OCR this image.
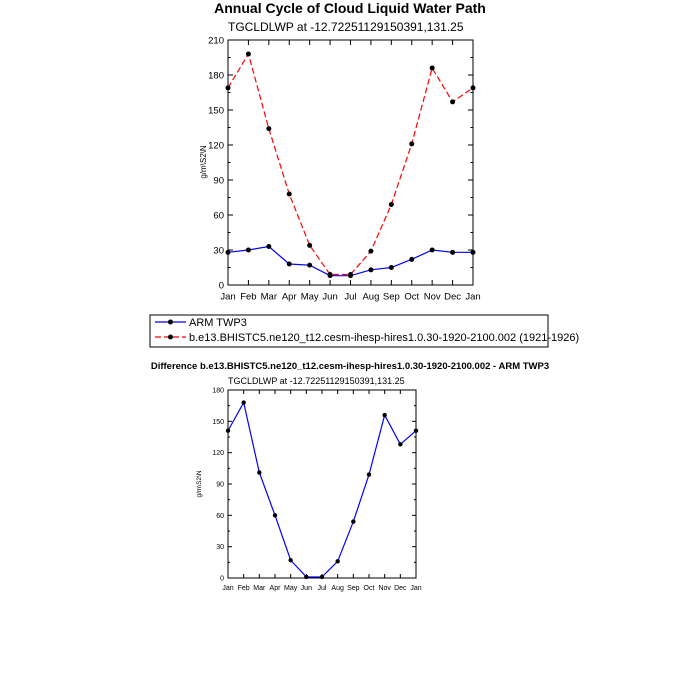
Annual Cycle of Cloud Liquid Water Path
TGCLDLWP at -12.72251129150391,131.25
g/m\S2\N
0
30
60
90
120
150
180
210
Jan Feb Mar Apr May Jun Jul Aug Sep Oct Nov Dec Jan
ARM TWP3
b.e13.BHISTC5.ne120_t12.cesm-ihesp-hires1.0.30-1920-2100.002 (1921-1926)
Difference b.e13.BHISTC5.ne120_t12.cesm-ihesp-hires1.0.30-1920-2100.002 - ARM TWP3
TGCLDLWP at -12.72251129150391,131.25
g/m\S2\N
0
30
60
90
120
150
180
Jan Feb Mar Apr May Jun Jul Aug Sep Oct Nov Dec Jan
